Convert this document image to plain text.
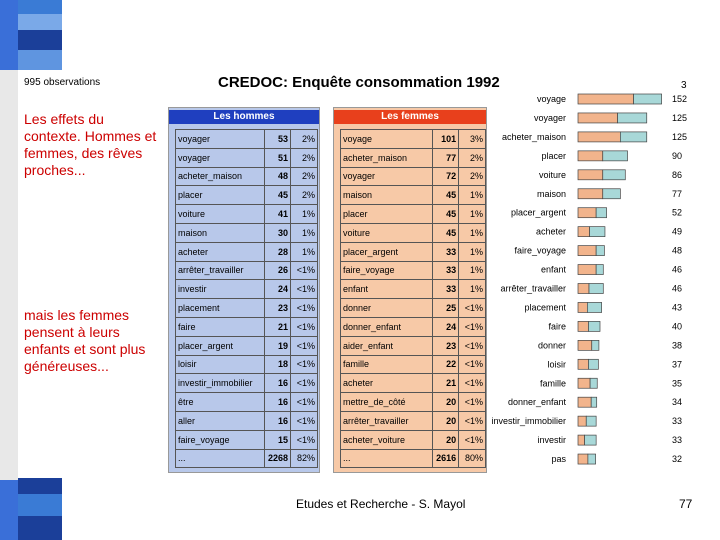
995 observations	CREDOC: Enquête consommation 1992	3
Les effets du contexte. Hommes et femmes, des rêves proches...
mais les femmes pensent à leurs enfants et sont plus généreuses...
Les hommes
voyager	53	2%
voyager	51	2%
acheter_maison	48	2%
placer	45	2%
voiture	41	1%
maison	30	1%
acheter	28	1%
arrêter_travailler	26	<1%
investir	24	<1%
placement	23	<1%
faire	21	<1%
placer_argent	19	<1%
loisir	18	<1%
investir_immobilier	16	<1%
être	16	<1%
aller	16	<1%
faire_voyage	15	<1%
...	2268	82%
Les femmes
voyage	101	3%
acheter_maison	77	2%
voyager	72	2%
maison	45	1%
placer	45	1%
voiture	45	1%
placer_argent	33	1%
faire_voyage	33	1%
enfant	33	1%
donner	25	<1%
donner_enfant	24	<1%
aider_enfant	23	<1%
famille	22	<1%
acheter	21	<1%
mettre_de_côté	20	<1%
arrêter_travailler	20	<1%
acheter_voiture	20	<1%
...	2616	80%
voyage	152
voyager	125
acheter_maison	125
placer	90
voiture	86
maison	77
placer_argent	52
acheter	49
faire_voyage	48
enfant	46
arrêter_travailler	46
placement	43
faire	40
donner	38
loisir	37
famille	35
donner_enfant	34
investir_immobilier	33
investir	33
pas	32
Etudes et Recherche - S. Mayol	77
